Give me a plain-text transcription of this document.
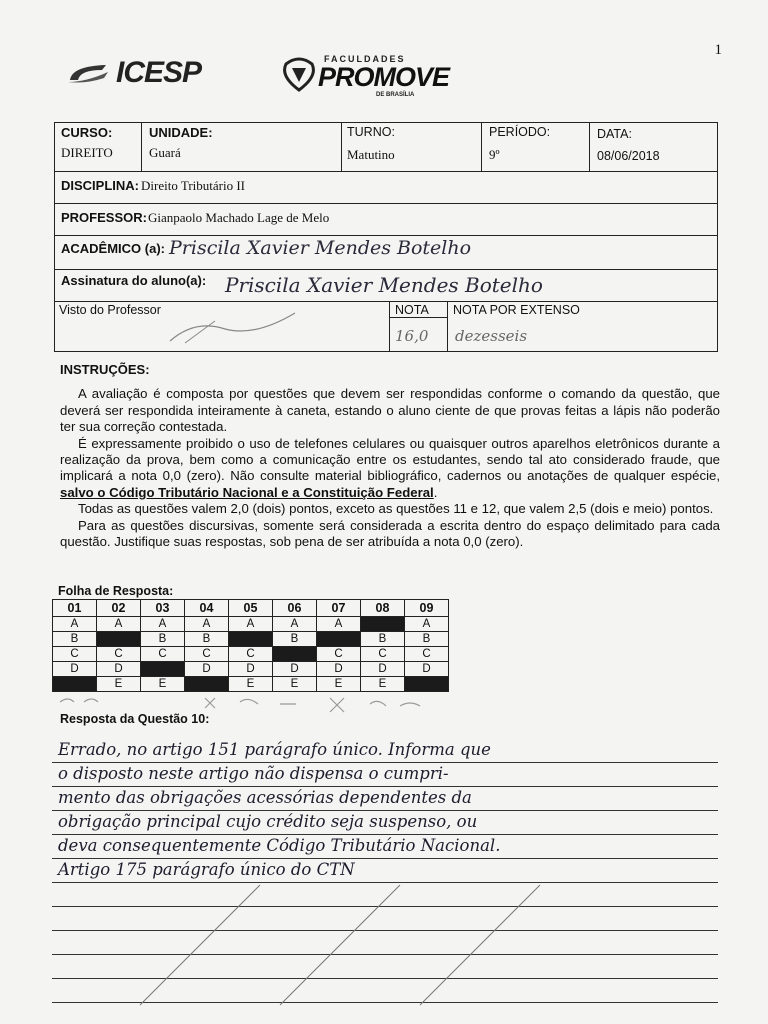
1
ICESP	FACULDADES
PROMOVE
DE BRASÍLIA
CURSO:
DIREITO
UNIDADE:
Guará
TURNO:
Matutino
PERÍODO:
9º
DATA:
08/06/2018
DISCIPLINA: Direito Tributário II
PROFESSOR: Gianpaolo Machado Lage de Melo
ACADÊMICO (a): Priscila Xavier Mendes Botelho
Assinatura do aluno(a): Priscila Xavier Mendes Botelho
Visto do Professor	NOTA
16,0
NOTA POR EXTENSO
dezesseis

INSTRUÇÕES:

A avaliação é composta por questões que devem ser respondidas conforme o comando da questão, que deverá ser respondida inteiramente à caneta, estando o aluno ciente de que provas feitas a lápis não poderão ter sua correção contestada.

É expressamente proibido o uso de telefones celulares ou quaisquer outros aparelhos eletrônicos durante a realização da prova, bem como a comunicação entre os estudantes, sendo tal ato considerado fraude, que implicará a nota 0,0 (zero). Não consulte material bibliográfico, cadernos ou anotações de qualquer espécie, salvo o Código Tributário Nacional e a Constituição Federal.

Todas as questões valem 2,0 (dois) pontos, exceto as questões 11 e 12, que valem 2,5 (dois e meio) pontos.

Para as questões discursivas, somente será considerada a escrita dentro do espaço delimitado para cada questão. Justifique suas respostas, sob pena de ser atribuída a nota 0,0 (zero).

Folha de Resposta:
01	02	03	04	05	06	07	08	09
A	A	A	A	A	A	A		A
B		B	B		B		B	B
C	C	C	C	C		C	C	C
D	D		D	D	D	D	D	D
	E	E		E	E	E	E	
Resposta da Questão 10:
Errado, no artigo 151 parágrafo único. Informa que
o disposto neste artigo não dispensa o cumpri-
mento das obrigações acessórias dependentes da
obrigação principal cujo crédito seja suspenso, ou
deva consequentemente Código Tributário Nacional.
Artigo 175 parágrafo único do CTN
